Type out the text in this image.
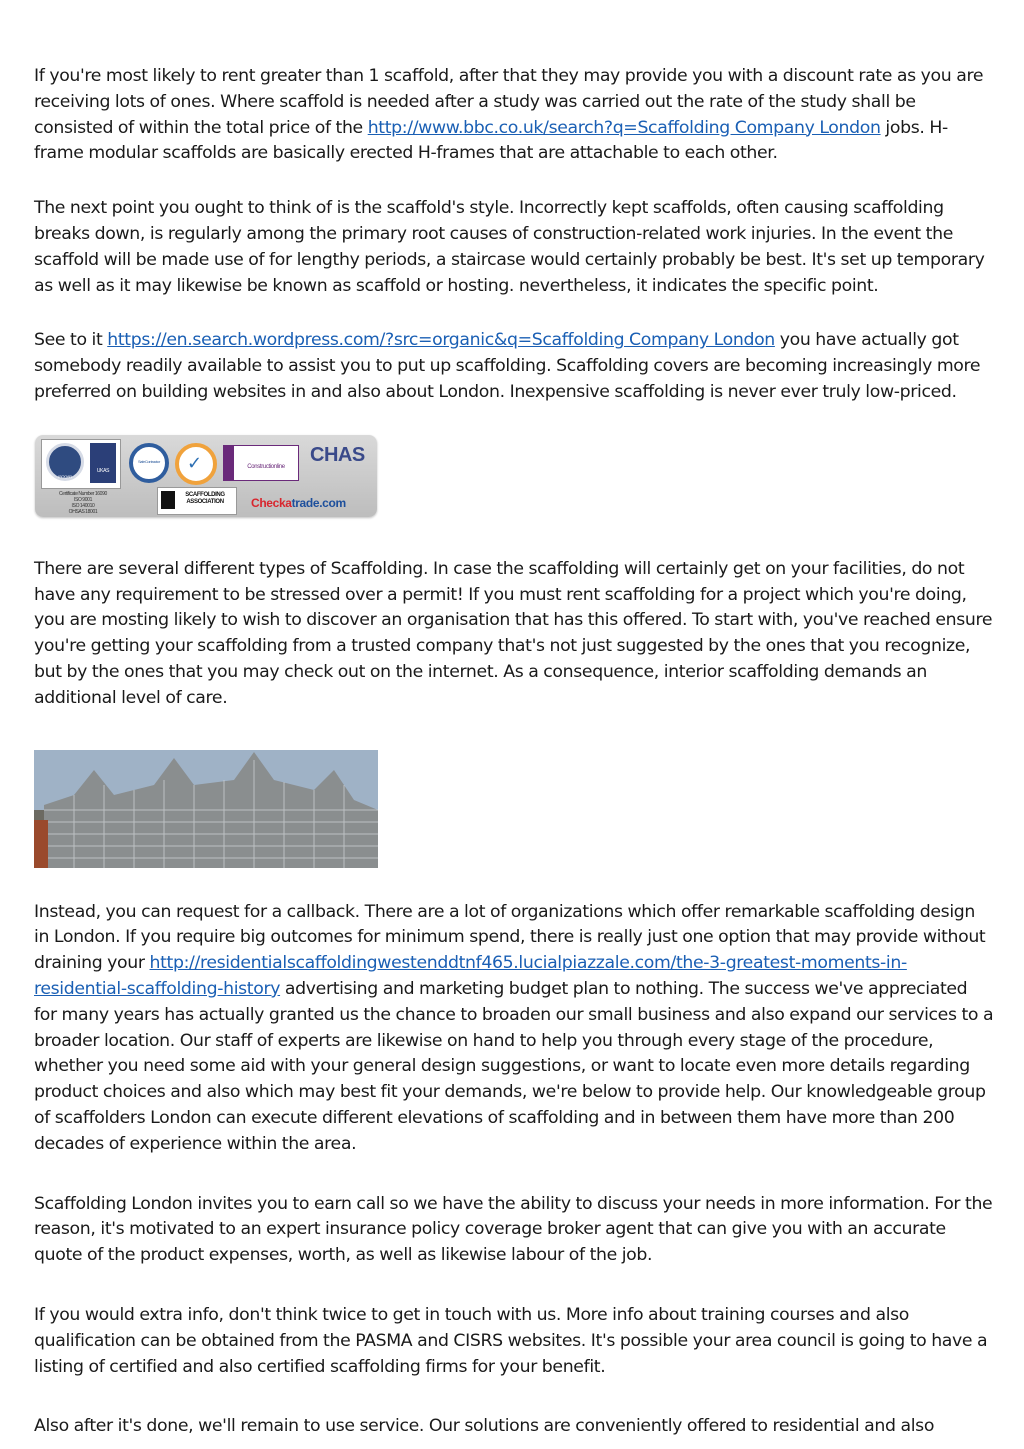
If you're most likely to rent greater than 1 scaffold, after that they may provide you with a discount rate as you are receiving lots of ones. Where scaffold is needed after a study was carried out the rate of the study shall be consisted of within the total price of the http://www.bbc.co.uk/search?q=Scaffolding Company London jobs. H-frame modular scaffolds are basically erected H-frames that are attachable to each other.

The next point you ought to think of is the scaffold's style. Incorrectly kept scaffolds, often causing scaffolding breaks down, is regularly among the primary root causes of construction-related work injuries. In the event the scaffold will be made use of for lengthy periods, a staircase would certainly probably be best. It's set up temporary as well as it may likewise be known as scaffold or hosting. nevertheless, it indicates the specific point.

See to it https://en.search.wordpress.com/?src=organic&q=Scaffolding Company London you have actually got somebody readily available to assist you to put up scaffolding. Scaffolding covers are becoming increasingly more preferred on building websites in and also about London. Inexpensive scaffolding is never ever truly low-priced.

ISOQAR
UKAS
Certificate Number 16090
ISO 9001
ISO 140010
OHSAS 18001
SafeContractor	✓	Constructionline
CHAS
SCAFFOLDING
ASSOCIATION	Checkatrade.com

There are several different types of Scaffolding. In case the scaffolding will certainly get on your facilities, do not have any requirement to be stressed over a permit! If you must rent scaffolding for a project which you're doing, you are mosting likely to wish to discover an organisation that has this offered. To start with, you've reached ensure you're getting your scaffolding from a trusted company that's not just suggested by the ones that you recognize, but by the ones that you may check out on the internet. As a consequence, interior scaffolding demands an additional level of care.

Instead, you can request for a callback. There are a lot of organizations which offer remarkable scaffolding design in London. If you require big outcomes for minimum spend, there is really just one option that may provide without draining your http://residentialscaffoldingwestenddtnf465.lucialpiazzale.com/the-3-greatest-moments-in-residential-scaffolding-history advertising and marketing budget plan to nothing. The success we've appreciated for many years has actually granted us the chance to broaden our small business and also expand our services to a broader location. Our staff of experts are likewise on hand to help you through every stage of the procedure, whether you need some aid with your general design suggestions, or want to locate even more details regarding product choices and also which may best fit your demands, we're below to provide help. Our knowledgeable group of scaffolders London can execute different elevations of scaffolding and in between them have more than 200 decades of experience within the area.

Scaffolding London invites you to earn call so we have the ability to discuss your needs in more information. For the reason, it's motivated to an expert insurance policy coverage broker agent that can give you with an accurate quote of the product expenses, worth, as well as likewise labour of the job.

If you would extra info, don't think twice to get in touch with us. More info about training courses and also qualification can be obtained from the PASMA and CISRS websites. It's possible your area council is going to have a listing of certified and also certified scaffolding firms for your benefit.

Also after it's done, we'll remain to use service. Our solutions are conveniently offered to residential and also
